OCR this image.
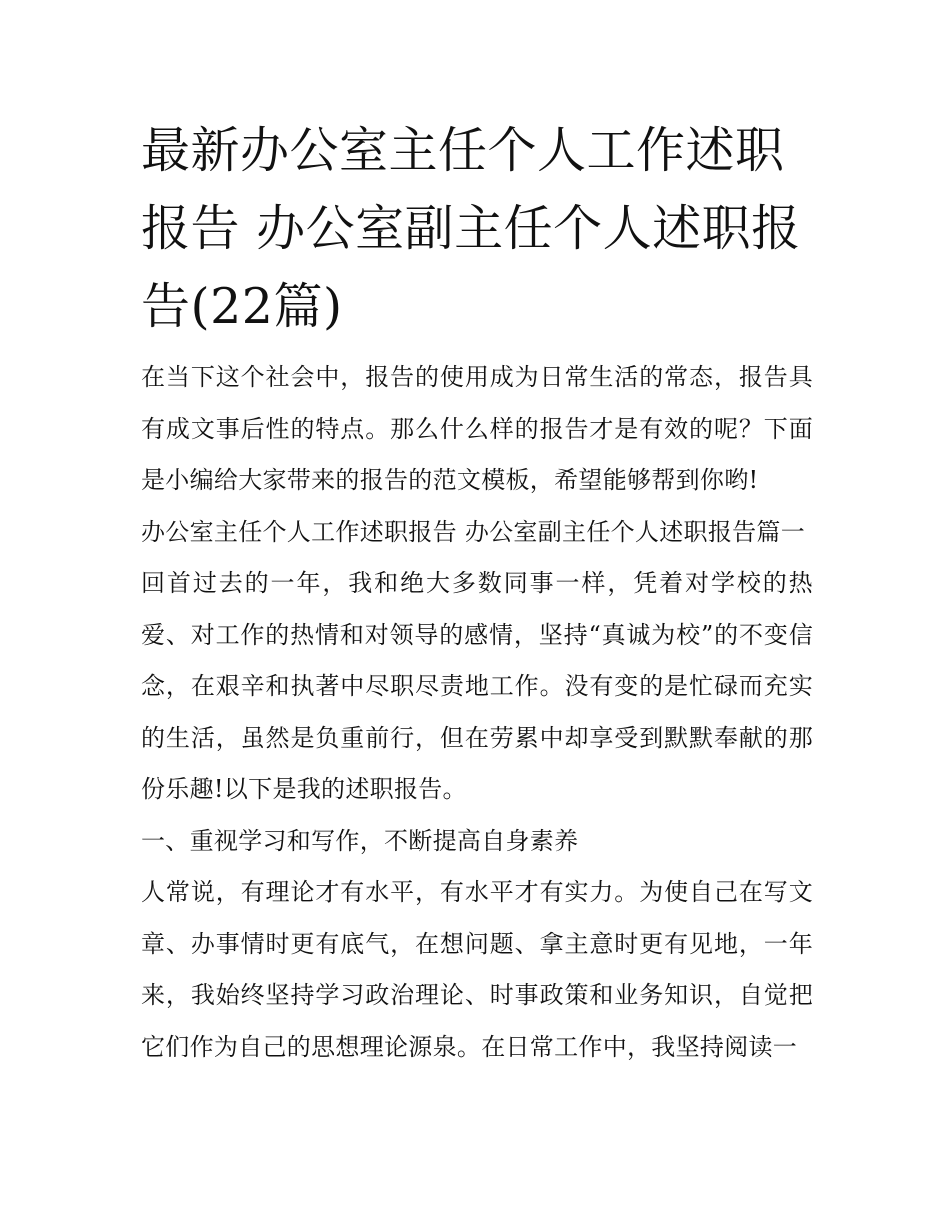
最新办公室主任个人工作述职报告 办公室副主任个人述职报告(22篇)

在当下这个社会中，报告的使用成为日常生活的常态，报告具有成文事后性的特点。那么什么样的报告才是有效的呢？下面是小编给大家带来的报告的范文模板，希望能够帮到你哟!

办公室主任个人工作述职报告 办公室副主任个人述职报告篇一

回首过去的一年，我和绝大多数同事一样，凭着对学校的热爱、对工作的热情和对领导的感情，坚持“真诚为校”的不变信念，在艰辛和执著中尽职尽责地工作。没有变的是忙碌而充实的生活，虽然是负重前行，但在劳累中却享受到默默奉献的那份乐趣!以下是我的述职报告。

一、重视学习和写作，不断提高自身素养

人常说，有理论才有水平，有水平才有实力。为使自己在写文章、办事情时更有底气，在想问题、拿主意时更有见地，一年来，我始终坚持学习政治理论、时事政策和业务知识，自觉把它们作为自己的思想理论源泉。在日常工作中，我坚持阅读一
